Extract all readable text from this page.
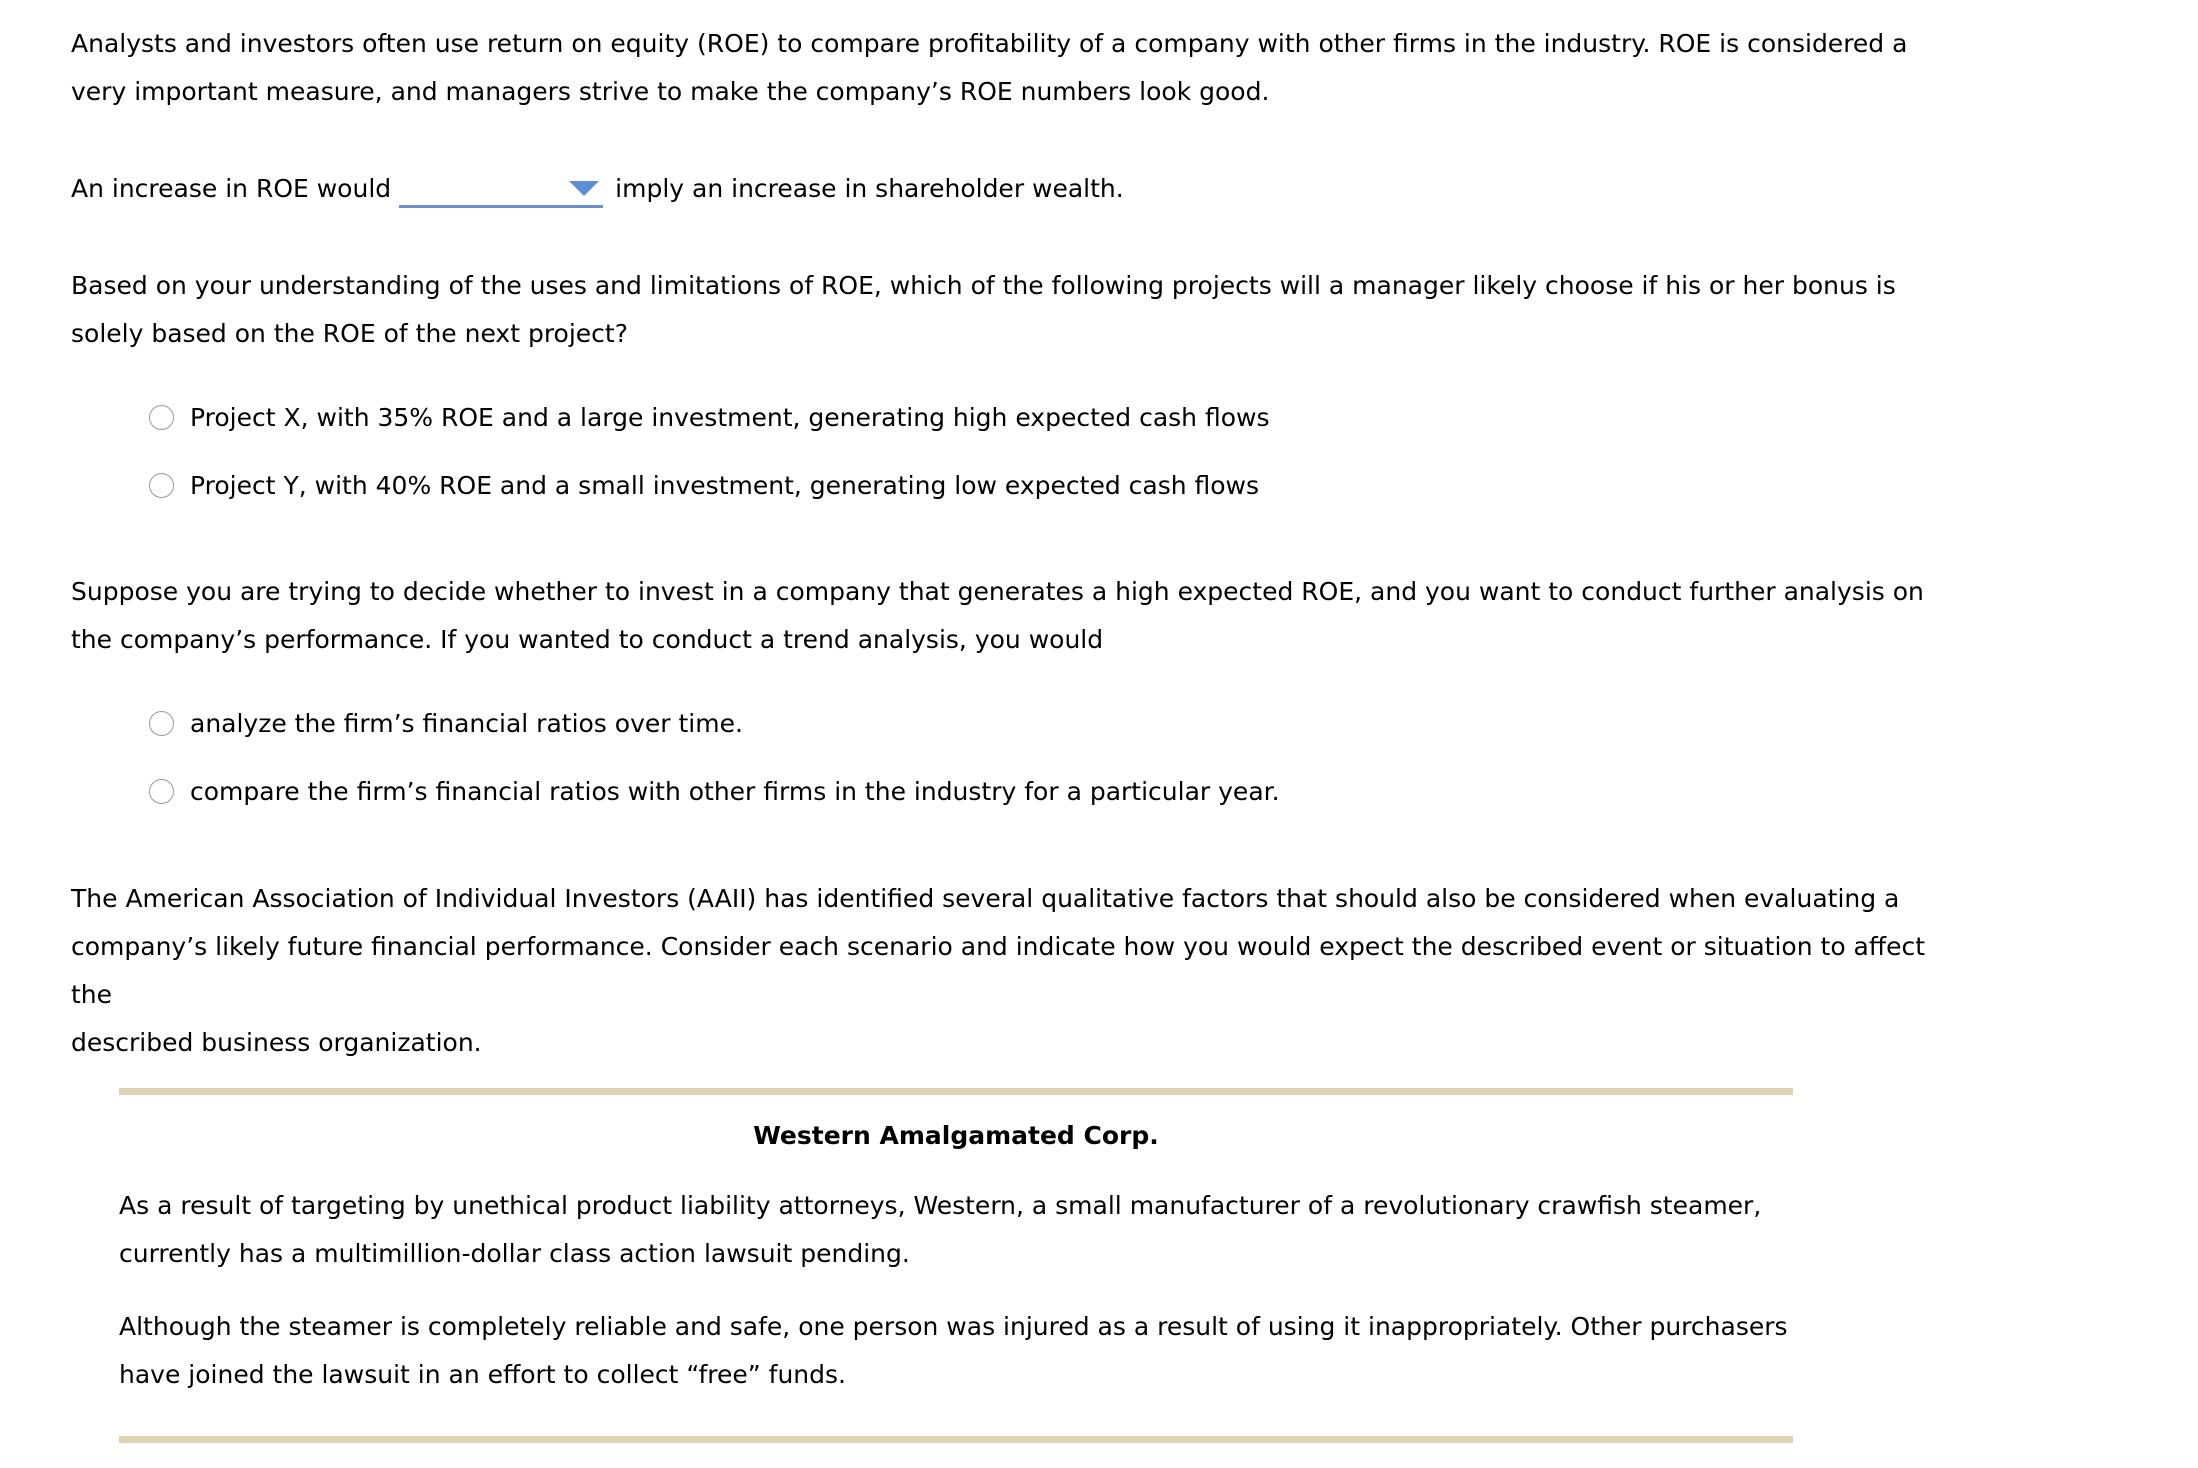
Analysts and investors often use return on equity (ROE) to compare profitability of a company with other firms in the industry. ROE is considered a
very important measure, and managers strive to make the company’s ROE numbers look good.
An increase in ROE would	imply an increase in shareholder wealth.
Based on your understanding of the uses and limitations of ROE, which of the following projects will a manager likely choose if his or her bonus is
solely based on the ROE of the next project?
Project X, with 35% ROE and a large investment, generating high expected cash flows
Project Y, with 40% ROE and a small investment, generating low expected cash flows
Suppose you are trying to decide whether to invest in a company that generates a high expected ROE, and you want to conduct further analysis on
the company’s performance. If you wanted to conduct a trend analysis, you would
analyze the firm’s financial ratios over time.
compare the firm’s financial ratios with other firms in the industry for a particular year.
The American Association of Individual Investors (AAII) has identified several qualitative factors that should also be considered when evaluating a
company’s likely future financial performance. Consider each scenario and indicate how you would expect the described event or situation to affect the
described business organization.
Western Amalgamated Corp.
As a result of targeting by unethical product liability attorneys, Western, a small manufacturer of a revolutionary crawfish steamer,
currently has a multimillion-dollar class action lawsuit pending.
Although the steamer is completely reliable and safe, one person was injured as a result of using it inappropriately. Other purchasers
have joined the lawsuit in an effort to collect “free” funds.
